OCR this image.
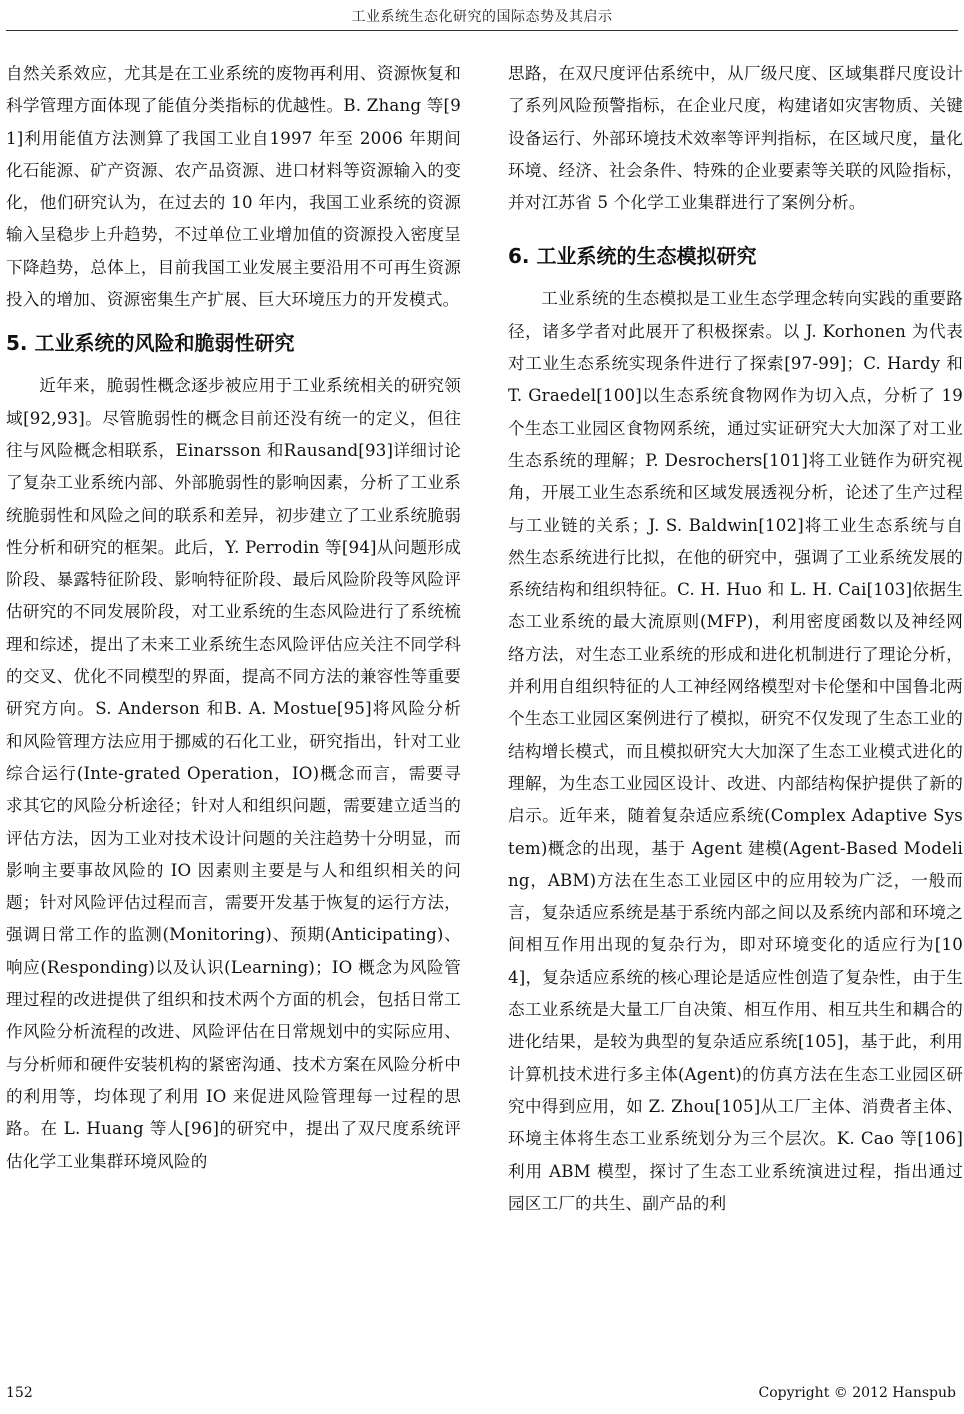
工业系统生态化研究的国际态势及其启示

自然关系效应，尤其是在工业系统的废物再利用、资源恢复和科学管理方面体现了能值分类指标的优越性。B. Zhang 等[91]利用能值方法测算了我国工业自1997 年至 2006 年期间化石能源、矿产资源、农产品资源、进口材料等资源输入的变化，他们研究认为，在过去的 10 年内，我国工业系统的资源输入呈稳步上升趋势，不过单位工业增加值的资源投入密度呈下降趋势，总体上，目前我国工业发展主要沿用不可再生资源投入的增加、资源密集生产扩展、巨大环境压力的开发模式。

5. 工业系统的风险和脆弱性研究

近年来，脆弱性概念逐步被应用于工业系统相关的研究领域[92,93]。尽管脆弱性的概念目前还没有统一的定义，但往往与风险概念相联系，Einarsson 和Rausand[93]详细讨论了复杂工业系统内部、外部脆弱性的影响因素，分析了工业系统脆弱性和风险之间的联系和差异，初步建立了工业系统脆弱性分析和研究的框架。此后，Y. Perrodin 等[94]从问题形成阶段、暴露特征阶段、影响特征阶段、最后风险阶段等风险评估研究的不同发展阶段，对工业系统的生态风险进行了系统梳理和综述，提出了未来工业系统生态风险评估应关注不同学科的交叉、优化不同模型的界面，提高不同方法的兼容性等重要研究方向。S. Anderson 和B. A. Mostue[95]将风险分析和风险管理方法应用于挪威的石化工业，研究指出，针对工业综合运行(Inte-grated Operation，IO)概念而言，需要寻求其它的风险分析途径；针对人和组织问题，需要建立适当的评估方法，因为工业对技术设计问题的关注趋势十分明显，而影响主要事故风险的 IO 因素则主要是与人和组织相关的问题；针对风险评估过程而言，需要开发基于恢复的运行方法，强调日常工作的监测(Monitoring)、预期(Anticipating)、响应(Responding)以及认识(Learning)；IO 概念为风险管理过程的改进提供了组织和技术两个方面的机会，包括日常工作风险分析流程的改进、风险评估在日常规划中的实际应用、与分析师和硬件安装机构的紧密沟通、技术方案在风险分析中的利用等，均体现了利用 IO 来促进风险管理每一过程的思路。在 L. Huang 等人[96]的研究中，提出了双尺度系统评估化学工业集群环境风险的

思路，在双尺度评估系统中，从厂级尺度、区域集群尺度设计了系列风险预警指标，在企业尺度，构建诸如灾害物质、关键设备运行、外部环境技术效率等评判指标，在区域尺度，量化环境、经济、社会条件、特殊的企业要素等关联的风险指标，并对江苏省 5 个化学工业集群进行了案例分析。

6. 工业系统的生态模拟研究

工业系统的生态模拟是工业生态学理念转向实践的重要路径，诸多学者对此展开了积极探索。以 J. Korhonen 为代表对工业生态系统实现条件进行了探索[97-99]；C. Hardy 和 T. Graedel[100]以生态系统食物网作为切入点，分析了 19 个生态工业园区食物网系统，通过实证研究大大加深了对工业生态系统的理解；P. Desrochers[101]将工业链作为研究视角，开展工业生态系统和区域发展透视分析，论述了生产过程与工业链的关系；J. S. Baldwin[102]将工业生态系统与自然生态系统进行比拟，在他的研究中，强调了工业系统发展的系统结构和组织特征。C. H. Huo 和 L. H. Cai[103]依据生态工业系统的最大流原则(MFP)，利用密度函数以及神经网络方法，对生态工业系统的形成和进化机制进行了理论分析，并利用自组织特征的人工神经网络模型对卡伦堡和中国鲁北两个生态工业园区案例进行了模拟，研究不仅发现了生态工业的结构增长模式，而且模拟研究大大加深了生态工业模式进化的理解，为生态工业园区设计、改进、内部结构保护提供了新的启示。近年来，随着复杂适应系统(Complex Adaptive System)概念的出现，基于 Agent 建模(Agent-Based Modeling，ABM)方法在生态工业园区中的应用较为广泛，一般而言，复杂适应系统是基于系统内部之间以及系统内部和环境之间相互作用出现的复杂行为，即对环境变化的适应行为[104]，复杂适应系统的核心理论是适应性创造了复杂性，由于生态工业系统是大量工厂自决策、相互作用、相互共生和耦合的进化结果，是较为典型的复杂适应系统[105]，基于此，利用计算机技术进行多主体(Agent)的仿真方法在生态工业园区研究中得到应用，如 Z. Zhou[105]从工厂主体、消费者主体、环境主体将生态工业系统划分为三个层次。K. Cao 等[106]利用 ABM 模型，探讨了生态工业系统演进过程，指出通过园区工厂的共生、副产品的利

152	Copyright © 2012 Hanspub
